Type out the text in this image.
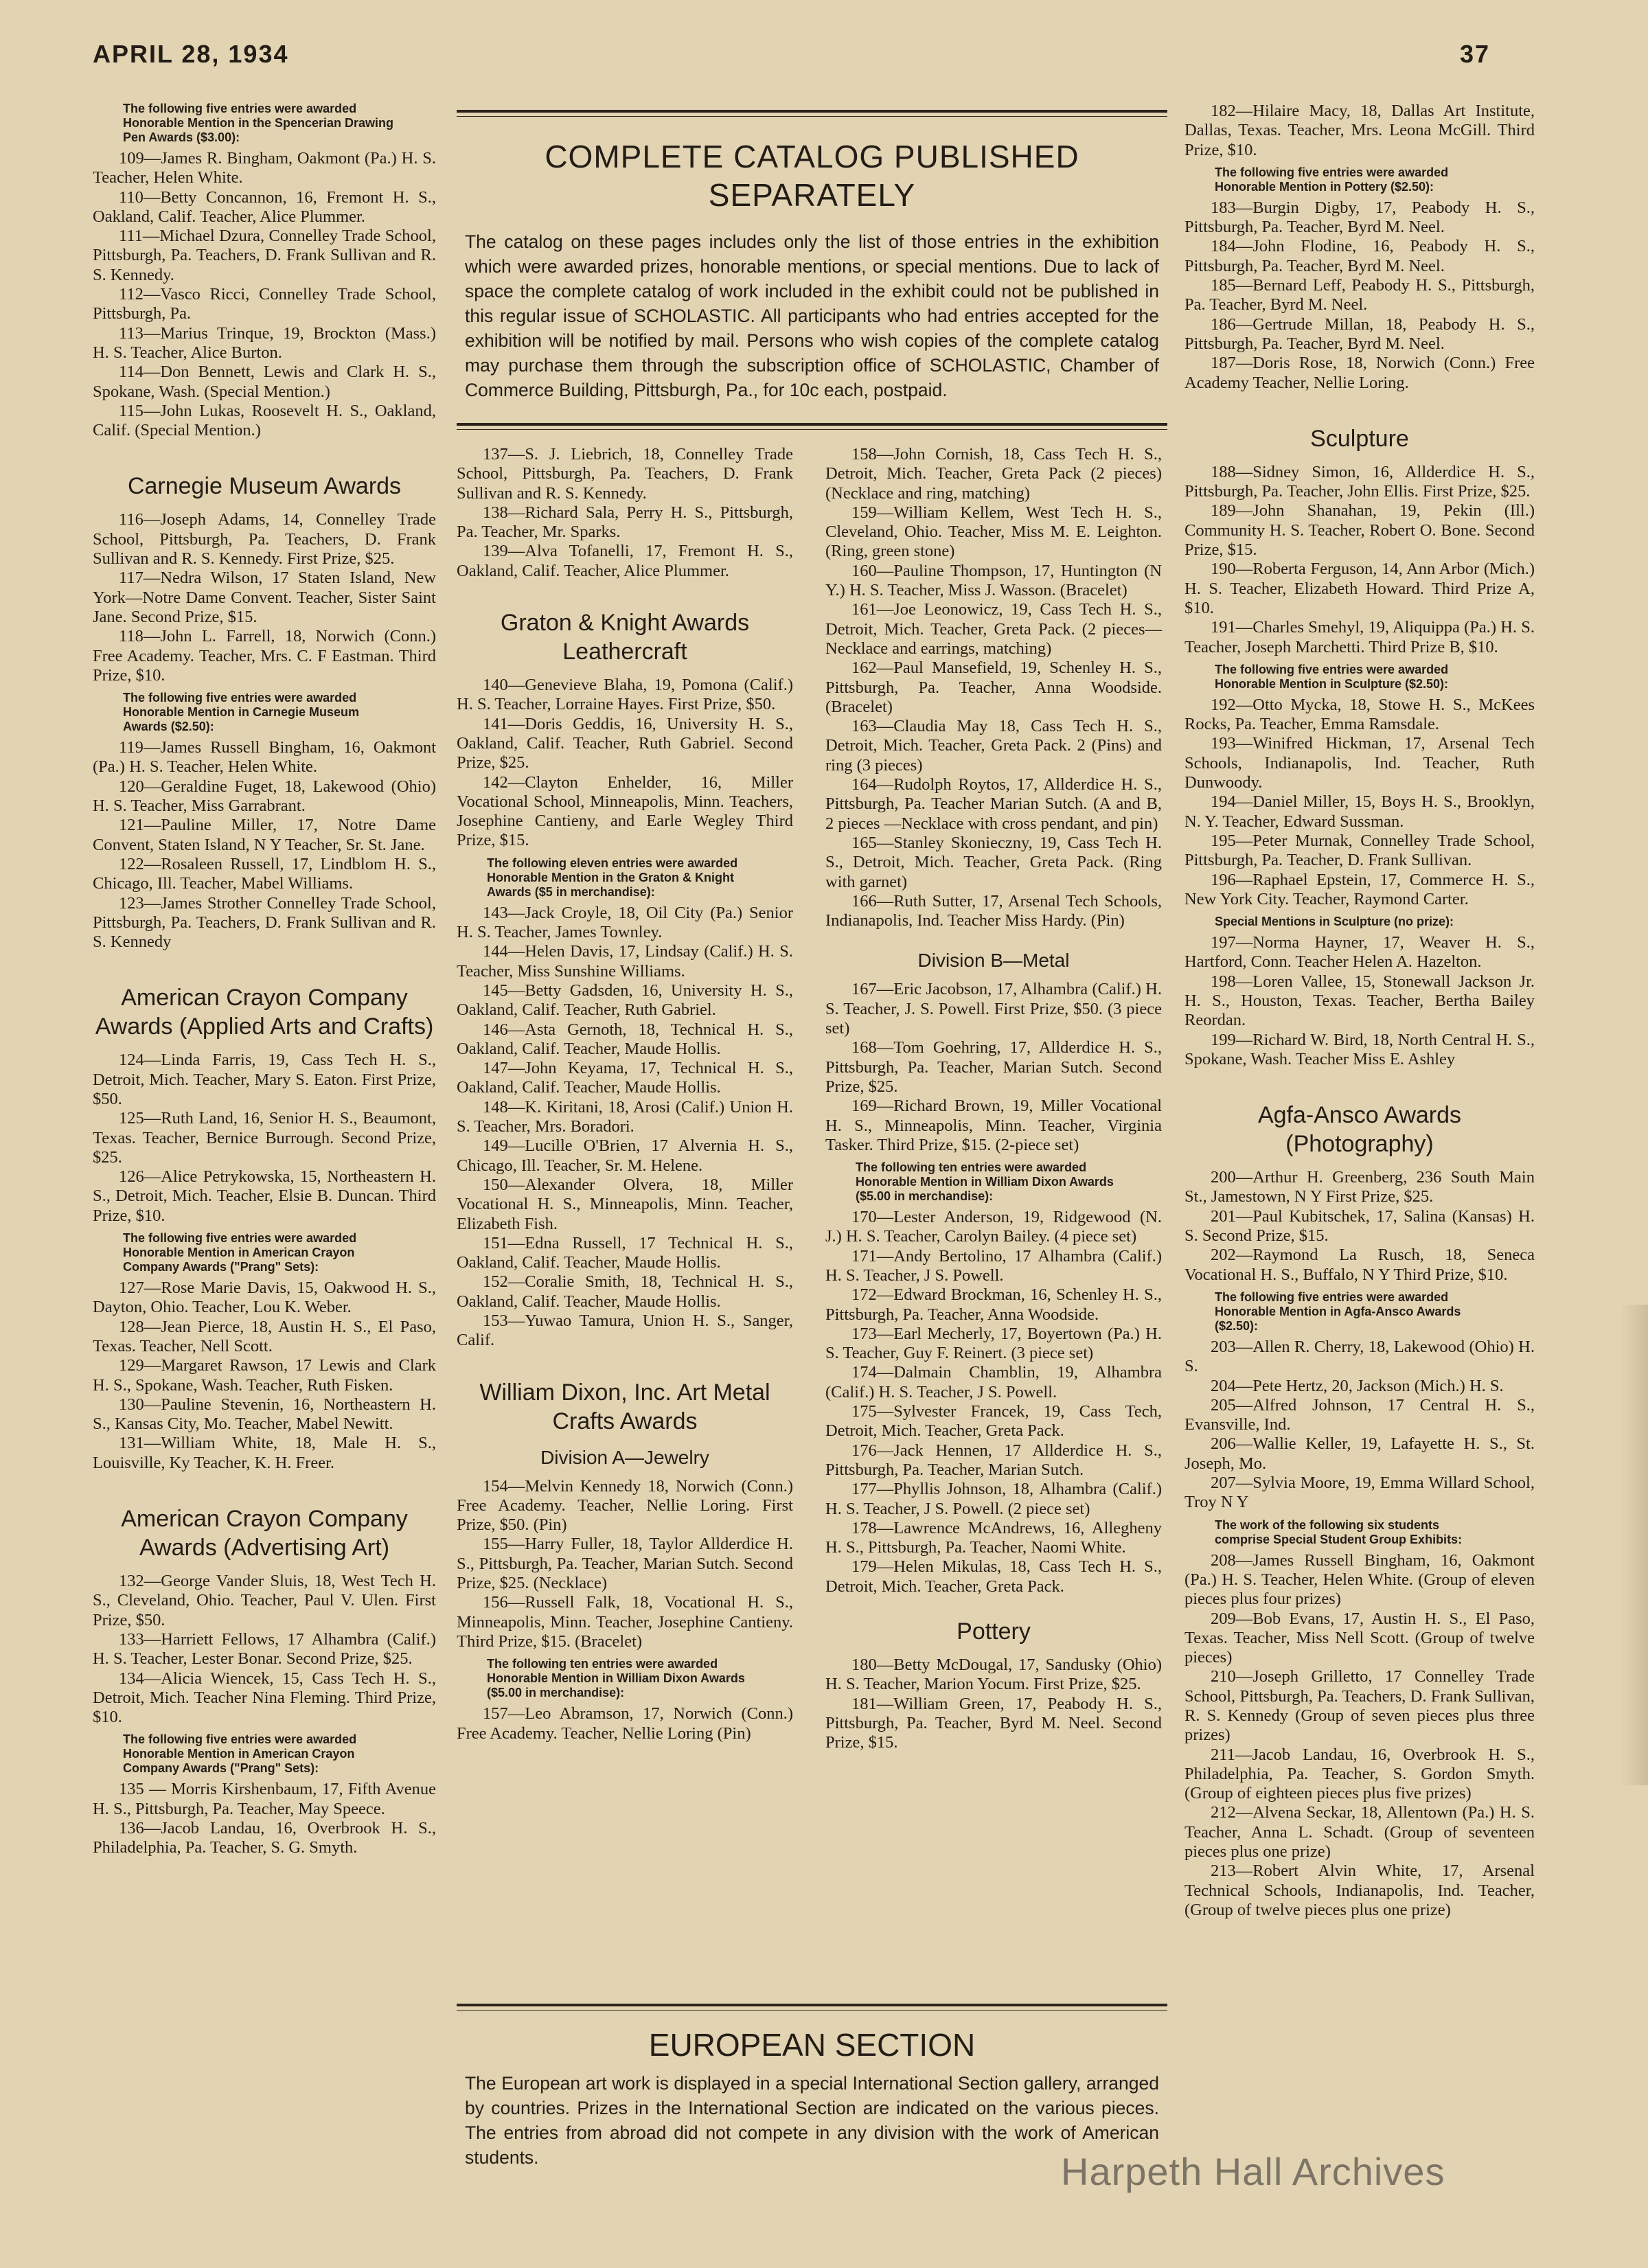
APRIL 28, 1934	37
The following five entries were awarded Honorable Mention in the Spencerian Drawing Pen Awards ($3.00):

109—James R. Bingham, Oakmont (Pa.) H. S. Teacher, Helen White.

110—Betty Concannon, 16, Fremont H. S., Oakland, Calif. Teacher, Alice Plummer.

111—Michael Dzura, Connelley Trade School, Pittsburgh, Pa. Teachers, D. Frank Sullivan and R. S. Kennedy.

112—Vasco Ricci, Connelley Trade School, Pittsburgh, Pa.

113—Marius Trinque, 19, Brockton (Mass.) H. S. Teacher, Alice Burton.

114—Don Bennett, Lewis and Clark H. S., Spokane, Wash. (Special Mention.)

115—John Lukas, Roosevelt H. S., Oakland, Calif. (Special Mention.)

Carnegie Museum Awards

116—Joseph Adams, 14, Connelley Trade School, Pittsburgh, Pa. Teachers, D. Frank Sullivan and R. S. Kennedy. First Prize, $25.

117—Nedra Wilson, 17 Staten Island, New York—Notre Dame Convent. Teacher, Sister Saint Jane. Second Prize, $15.

118—John L. Farrell, 18, Norwich (Conn.) Free Academy. Teacher, Mrs. C. F Eastman. Third Prize, $10.

The following five entries were awarded Honorable Mention in Carnegie Museum Awards ($2.50):

119—James Russell Bingham, 16, Oakmont (Pa.) H. S. Teacher, Helen White.

120—Geraldine Fuget, 18, Lakewood (Ohio) H. S. Teacher, Miss Garrabrant.

121—Pauline Miller, 17, Notre Dame Convent, Staten Island, N Y Teacher, Sr. St. Jane.

122—Rosaleen Russell, 17, Lindblom H. S., Chicago, Ill. Teacher, Mabel Williams.

123—James Strother Connelley Trade School, Pittsburgh, Pa. Teachers, D. Frank Sullivan and R. S. Kennedy

American Crayon Company Awards (Applied Arts and Crafts)

124—Linda Farris, 19, Cass Tech H. S., Detroit, Mich. Teacher, Mary S. Eaton. First Prize, $50.

125—Ruth Land, 16, Senior H. S., Beaumont, Texas. Teacher, Bernice Burrough. Second Prize, $25.

126—Alice Petrykowska, 15, Northeastern H. S., Detroit, Mich. Teacher, Elsie B. Duncan. Third Prize, $10.

The following five entries were awarded Honorable Mention in American Crayon Company Awards ("Prang" Sets):

127—Rose Marie Davis, 15, Oakwood H. S., Dayton, Ohio. Teacher, Lou K. Weber.

128—Jean Pierce, 18, Austin H. S., El Paso, Texas. Teacher, Nell Scott.

129—Margaret Rawson, 17 Lewis and Clark H. S., Spokane, Wash. Teacher, Ruth Fisken.

130—Pauline Stevenin, 16, Northeastern H. S., Kansas City, Mo. Teacher, Mabel Newitt.

131—William White, 18, Male H. S., Louisville, Ky Teacher, K. H. Freer.

American Crayon Company Awards (Advertising Art)

132—George Vander Sluis, 18, West Tech H. S., Cleveland, Ohio. Teacher, Paul V. Ulen. First Prize, $50.

133—Harriett Fellows, 17 Alhambra (Calif.) H. S. Teacher, Lester Bonar. Second Prize, $25.

134—Alicia Wiencek, 15, Cass Tech H. S., Detroit, Mich. Teacher Nina Fleming. Third Prize, $10.

The following five entries were awarded Honorable Mention in American Crayon Company Awards ("Prang" Sets):

135 — Morris Kirshenbaum, 17, Fifth Avenue H. S., Pittsburgh, Pa. Teacher, May Speece.

136—Jacob Landau, 16, Overbrook H. S., Philadelphia, Pa. Teacher, S. G. Smyth.

COMPLETE CATALOG PUBLISHED SEPARATELY
The catalog on these pages includes only the list of those entries in the exhibition which were awarded prizes, honorable mentions, or special mentions. Due to lack of space the complete catalog of work included in the exhibit could not be published in this regular issue of SCHOLASTIC. All participants who had entries accepted for the exhibition will be notified by mail. Persons who wish copies of the complete catalog may purchase them through the subscription office of SCHOLASTIC, Chamber of Commerce Building, Pittsburgh, Pa., for 10c each, postpaid.

137—S. J. Liebrich, 18, Connelley Trade School, Pittsburgh, Pa. Teachers, D. Frank Sullivan and R. S. Kennedy.

138—Richard Sala, Perry H. S., Pittsburgh, Pa. Teacher, Mr. Sparks.

139—Alva Tofanelli, 17, Fremont H. S., Oakland, Calif. Teacher, Alice Plummer.

Graton & Knight Awards Leathercraft

140—Genevieve Blaha, 19, Pomona (Calif.) H. S. Teacher, Lorraine Hayes. First Prize, $50.

141—Doris Geddis, 16, University H. S., Oakland, Calif. Teacher, Ruth Gabriel. Second Prize, $25.

142—Clayton Enhelder, 16, Miller Vocational School, Minneapolis, Minn. Teachers, Josephine Cantieny, and Earle Wegley Third Prize, $15.

The following eleven entries were awarded Honorable Mention in the Graton & Knight Awards ($5 in merchandise):

143—Jack Croyle, 18, Oil City (Pa.) Senior H. S. Teacher, James Townley.

144—Helen Davis, 17, Lindsay (Calif.) H. S. Teacher, Miss Sunshine Williams.

145—Betty Gadsden, 16, University H. S., Oakland, Calif. Teacher, Ruth Gabriel.

146—Asta Gernoth, 18, Technical H. S., Oakland, Calif. Teacher, Maude Hollis.

147—John Keyama, 17, Technical H. S., Oakland, Calif. Teacher, Maude Hollis.

148—K. Kiritani, 18, Arosi (Calif.) Union H. S. Teacher, Mrs. Boradori.

149—Lucille O'Brien, 17 Alvernia H. S., Chicago, Ill. Teacher, Sr. M. Helene.

150—Alexander Olvera, 18, Miller Vocational H. S., Minneapolis, Minn. Teacher, Elizabeth Fish.

151—Edna Russell, 17 Technical H. S., Oakland, Calif. Teacher, Maude Hollis.

152—Coralie Smith, 18, Technical H. S., Oakland, Calif. Teacher, Maude Hollis.

153—Yuwao Tamura, Union H. S., Sanger, Calif.

William Dixon, Inc. Art Metal Crafts Awards
Division A—Jewelry

154—Melvin Kennedy 18, Norwich (Conn.) Free Academy. Teacher, Nellie Loring. First Prize, $50. (Pin)

155—Harry Fuller, 18, Taylor Allderdice H. S., Pittsburgh, Pa. Teacher, Marian Sutch. Second Prize, $25. (Necklace)

156—Russell Falk, 18, Vocational H. S., Minneapolis, Minn. Teacher, Josephine Cantieny. Third Prize, $15. (Bracelet)

The following ten entries were awarded Honorable Mention in William Dixon Awards ($5.00 in merchandise):

157—Leo Abramson, 17, Norwich (Conn.) Free Academy. Teacher, Nellie Loring (Pin)

158—John Cornish, 18, Cass Tech H. S., Detroit, Mich. Teacher, Greta Pack (2 pieces) (Necklace and ring, matching)

159—William Kellem, West Tech H. S., Cleveland, Ohio. Teacher, Miss M. E. Leighton. (Ring, green stone)

160—Pauline Thompson, 17, Huntington (N Y.) H. S. Teacher, Miss J. Wasson. (Bracelet)

161—Joe Leonowicz, 19, Cass Tech H. S., Detroit, Mich. Teacher, Greta Pack. (2 pieces—Necklace and earrings, matching)

162—Paul Mansefield, 19, Schenley H. S., Pittsburgh, Pa. Teacher, Anna Woodside. (Bracelet)

163—Claudia May 18, Cass Tech H. S., Detroit, Mich. Teacher, Greta Pack. 2 (Pins) and ring (3 pieces)

164—Rudolph Roytos, 17, Allderdice H. S., Pittsburgh, Pa. Teacher Marian Sutch. (A and B, 2 pieces —Necklace with cross pendant, and pin)

165—Stanley Skonieczny, 19, Cass Tech H. S., Detroit, Mich. Teacher, Greta Pack. (Ring with garnet)

166—Ruth Sutter, 17, Arsenal Tech Schools, Indianapolis, Ind. Teacher Miss Hardy. (Pin)

Division B—Metal

167—Eric Jacobson, 17, Alhambra (Calif.) H. S. Teacher, J. S. Powell. First Prize, $50. (3 piece set)

168—Tom Goehring, 17, Allderdice H. S., Pittsburgh, Pa. Teacher, Marian Sutch. Second Prize, $25.

169—Richard Brown, 19, Miller Vocational H. S., Minneapolis, Minn. Teacher, Virginia Tasker. Third Prize, $15. (2-piece set)

The following ten entries were awarded Honorable Mention in William Dixon Awards ($5.00 in merchandise):

170—Lester Anderson, 19, Ridgewood (N. J.) H. S. Teacher, Carolyn Bailey. (4 piece set)

171—Andy Bertolino, 17 Alhambra (Calif.) H. S. Teacher, J S. Powell.

172—Edward Brockman, 16, Schenley H. S., Pittsburgh, Pa. Teacher, Anna Woodside.

173—Earl Mecherly, 17, Boyertown (Pa.) H. S. Teacher, Guy F. Reinert. (3 piece set)

174—Dalmain Chamblin, 19, Alhambra (Calif.) H. S. Teacher, J S. Powell.

175—Sylvester Francek, 19, Cass Tech, Detroit, Mich. Teacher, Greta Pack.

176—Jack Hennen, 17 Allderdice H. S., Pittsburgh, Pa. Teacher, Marian Sutch.

177—Phyllis Johnson, 18, Alhambra (Calif.) H. S. Teacher, J S. Powell. (2 piece set)

178—Lawrence McAndrews, 16, Allegheny H. S., Pittsburgh, Pa. Teacher, Naomi White.

179—Helen Mikulas, 18, Cass Tech H. S., Detroit, Mich. Teacher, Greta Pack.

Pottery

180—Betty McDougal, 17, Sandusky (Ohio) H. S. Teacher, Marion Yocum. First Prize, $25.

181—William Green, 17, Peabody H. S., Pittsburgh, Pa. Teacher, Byrd M. Neel. Second Prize, $15.

EUROPEAN SECTION
The European art work is displayed in a special International Section gallery, arranged by countries. Prizes in the International Section are indicated on the various pieces. The entries from abroad did not compete in any division with the work of American students.

182—Hilaire Macy, 18, Dallas Art Institute, Dallas, Texas. Teacher, Mrs. Leona McGill. Third Prize, $10.

The following five entries were awarded Honorable Mention in Pottery ($2.50):

183—Burgin Digby, 17, Peabody H. S., Pittsburgh, Pa. Teacher, Byrd M. Neel.

184—John Flodine, 16, Peabody H. S., Pittsburgh, Pa. Teacher, Byrd M. Neel.

185—Bernard Leff, Peabody H. S., Pittsburgh, Pa. Teacher, Byrd M. Neel.

186—Gertrude Millan, 18, Peabody H. S., Pittsburgh, Pa. Teacher, Byrd M. Neel.

187—Doris Rose, 18, Norwich (Conn.) Free Academy Teacher, Nellie Loring.

Sculpture

188—Sidney Simon, 16, Allderdice H. S., Pittsburgh, Pa. Teacher, John Ellis. First Prize, $25.

189—John Shanahan, 19, Pekin (Ill.) Community H. S. Teacher, Robert O. Bone. Second Prize, $15.

190—Roberta Ferguson, 14, Ann Arbor (Mich.) H. S. Teacher, Elizabeth Howard. Third Prize A, $10.

191—Charles Smehyl, 19, Aliquippa (Pa.) H. S. Teacher, Joseph Marchetti. Third Prize B, $10.

The following five entries were awarded Honorable Mention in Sculpture ($2.50):

192—Otto Mycka, 18, Stowe H. S., McKees Rocks, Pa. Teacher, Emma Ramsdale.

193—Winifred Hickman, 17, Arsenal Tech Schools, Indianapolis, Ind. Teacher, Ruth Dunwoody.

194—Daniel Miller, 15, Boys H. S., Brooklyn, N. Y. Teacher, Edward Sussman.

195—Peter Murnak, Connelley Trade School, Pittsburgh, Pa. Teacher, D. Frank Sullivan.

196—Raphael Epstein, 17, Commerce H. S., New York City. Teacher, Raymond Carter.

Special Mentions in Sculpture (no prize):

197—Norma Hayner, 17, Weaver H. S., Hartford, Conn. Teacher Helen A. Hazelton.

198—Loren Vallee, 15, Stonewall Jackson Jr. H. S., Houston, Texas. Teacher, Bertha Bailey Reordan.

199—Richard W. Bird, 18, North Central H. S., Spokane, Wash. Teacher Miss E. Ashley

Agfa-Ansco Awards (Photography)

200—Arthur H. Greenberg, 236 South Main St., Jamestown, N Y First Prize, $25.

201—Paul Kubitschek, 17, Salina (Kansas) H. S. Second Prize, $15.

202—Raymond La Rusch, 18, Seneca Vocational H. S., Buffalo, N Y Third Prize, $10.

The following five entries were awarded Honorable Mention in Agfa-Ansco Awards ($2.50):

203—Allen R. Cherry, 18, Lakewood (Ohio) H. S.

204—Pete Hertz, 20, Jackson (Mich.) H. S.

205—Alfred Johnson, 17 Central H. S., Evansville, Ind.

206—Wallie Keller, 19, Lafayette H. S., St. Joseph, Mo.

207—Sylvia Moore, 19, Emma Willard School, Troy N Y

The work of the following six students comprise Special Student Group Exhibits:

208—James Russell Bingham, 16, Oakmont (Pa.) H. S. Teacher, Helen White. (Group of eleven pieces plus four prizes)

209—Bob Evans, 17, Austin H. S., El Paso, Texas. Teacher, Miss Nell Scott. (Group of twelve pieces)

210—Joseph Grilletto, 17 Connelley Trade School, Pittsburgh, Pa. Teachers, D. Frank Sullivan, R. S. Kennedy (Group of seven pieces plus three prizes)

211—Jacob Landau, 16, Overbrook H. S., Philadelphia, Pa. Teacher, S. Gordon Smyth. (Group of eighteen pieces plus five prizes)

212—Alvena Seckar, 18, Allentown (Pa.) H. S. Teacher, Anna L. Schadt. (Group of seventeen pieces plus one prize)

213—Robert Alvin White, 17, Arsenal Technical Schools, Indianapolis, Ind. Teacher, (Group of twelve pieces plus one prize)

Harpeth Hall Archives
